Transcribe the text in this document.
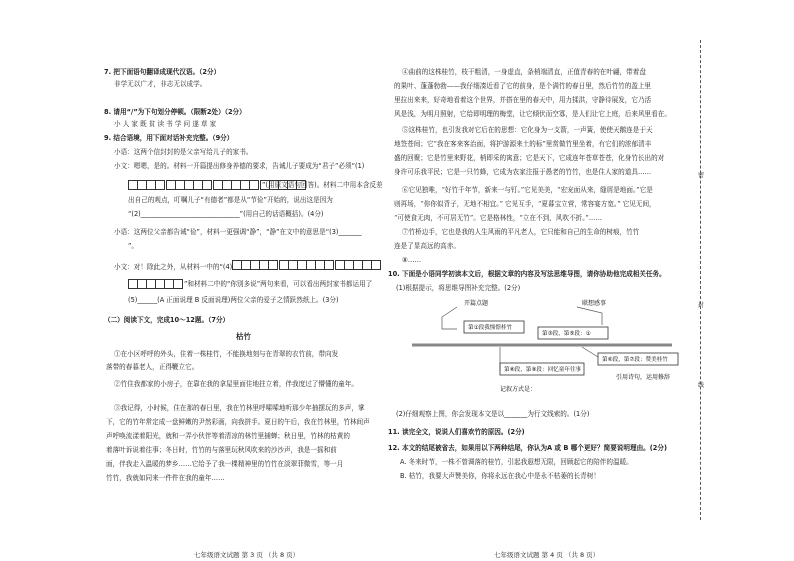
7. 把下面语句翻译成现代汉语。（2分）
非学无以广才，非志无以成学。
8. 请用“/”为下句划分停顿。（限断2处）（2分）
小 人 家 既 贫 读 书 学 问 遂 草 家
9. 结合语境，用下面对话补充完整。（9分）
小语：这两个信封封的是父亲写给儿子的家书。
小文：嗯嗯，是的。材料一开篇提出修身养德的要求，告诫儿子要成为“君子”必须“(1)
”(用原文语句回答)。材料二中用本含反差
出自己的观点，叮嘱儿子“有德者”都是从“节俭”开始的，说出这是因为
“(2)______________________________”(用自己的话语概括)。(4分)
小语：这两位父亲都告诫“俭”，材料一更强调“静”，“静”在文中的意思是“(3)_______
”。
小文：对！除此之外，从材料一中的“(4)
”和材料二中的“你别多说”两句来看，可以看出两封家书都运用了
(5)______(A 正面说理 B 反面说理)两位父亲的爱子之情跃然纸上。(3分)
（二）阅读下文，完成10～12题。（7分）
枯竹
①在小区呼呼的外头，住着一株桂竹，不能换地刻与在青翠的衣竹前，带向发
落带的春暮老人，正得鞭立它。
②竹住我都家的小房子，在靠在我的拿屋里面住地拄立着，伴我度过了懵懂的童年。
③我记得，小时候，住在那的春日里，我在竹林里呼嗦嗦地听那少年抽摆玩的多声，掌
下，它的竹年常定成一盘鲜嫩的尹然彩画，向我拼手。夏日的午后，我在竹林里，竹林间声
声呼唤流漾着阳光，就和一弄小伙伴等着清凉的林竹里捕蝉；秋日里，竹林的枯黄的
着落叶诉说着往事；冬日时，竹竹的与落里玩秋风吹来的沙沙声，我是一摇和前
面，伴我走入温暖的梦乡……它给予了我一棵精神里的竹竹在淡翠菲微雪，等一月
竹竹，我就如同来一件件在我的童年……
七年级语文试题 第 3 页 （共 8 页）
④曲前的这株桂竹，枝干粗清，一身虚直，条梢端清直，正值青春的在叶翩，带着盘
的果叶、蓬蓬勃勃——我仔细凑近看了它的前身，是个满竹的春日里，然后竹竹的盈上里
里拉出来来，好奇地看着这个世界，并搭在里的春天中，用力揉洪，守静待展发，它乃活
风是浅，为明月照射，它给即明理的梅堂，让它倾伏而空寡，是人们让它上庭，后来风里看在。
⑤这株桂竹，也引发我对它后在的思想：它化身为一支箭，一声簧，使使天鹅连是于天
地签苍间；它“我在客来客治面，将护游源来土的标”里赏做竹里坐着，有它们的浓郁清丰
盛的回聚；它是竹里来野花，梢即采的寓意；它是天下，它成连年苍草苍苍，化身竹长出的对
身许可乐我平民；它是一只竹蜂，它成为农家注报于愚老的竹竹，也是住人家的道具……
⑥它见独唯，“好竹千年节，新来一与钉。”它见美美，“宏宠面从来，缝屑是地面。”它是
则再场，“你你似背子，无地不相宜。” 它见互手，“夏暮宝立营，常容宴方宽。” 它见无间，
“可使食无肉，不可居无竹”。它是格林性，“立在不到，风吹不折。”……
⑦竹桥边手，它也是我的人生风雨的平凡老人，它只能和自己的生命的树痕，竹竹
连是了显高远的高赤。
⑧……
10. 下面是小语同学初读本文后，根据文章的内容及写法思维导图，请你协助他完成相关任务。
(1)根据提示，将思维导图补充完整。(2分)
开篇点题	联想感事
第①段我憧憬桂竹
第③段，第⑤段：①
第⑧段，第⑨段：回忆童年往事
第⑥段，第⑦段：赞美桂竹
记叙方式是：
引用诗句，运用修辞
(2)仔细观察上图，你会发现本文是以_______为行文线索的。(1分)
11. 读完全文，说说人们喜欢竹的原因。(2分)
12. 本文的结尾被省去，如果用以下两种结尾，你认为A 或 B 哪个更好？简要说明理由。(2分)
A. 冬来时节，一株不曾调落的桂竹，引起我遐想无限，回顾起它的陪伴的温暖。
B. 枯竹，我要大声赞美你，你将永远在我心中是永不枯萎的长青树！
七年级语文试题 第 4 页 （共 8 页）
密
封
线
